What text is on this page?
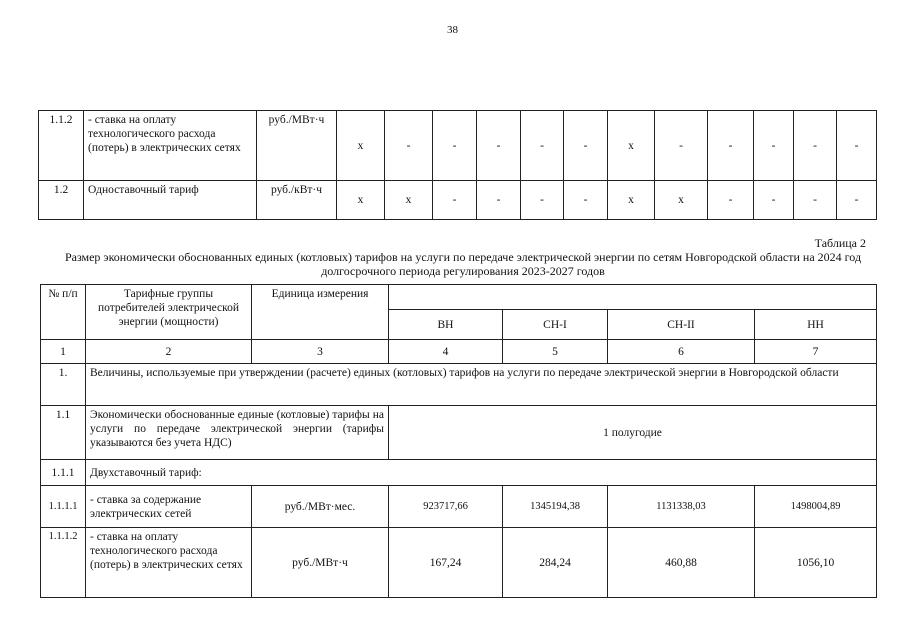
38
1.1.2	- ставка на оплату технологического расхода (потерь) в электрических сетях	руб./МВт·ч	x	-	-	-	-	-	x	-	-	-	-	-
1.2	Одноставочный тариф	руб./кВт·ч	x	x	-	-	-	-	x	x	-	-	-	-
Таблица 2
Размер экономически обоснованных единых (котловых) тарифов на услуги по передаче электрической энергии по сетям Новгородской области на 2024 год долгосрочного периода регулирования 2023-2027 годов
№ п/п	Тарифные группы потребителей электрической энергии (мощности)	Единица измерения				
			ВН	СН-I	СН-II	НН
1	2	3	4	5	6	7
1.	Величины, используемые при утверждении (расчете) единых (котловых) тарифов на услуги по передаче электрической энергии в Новгородской области					
1.1	Экономически обоснованные единые (котловые) тарифы на услуги по передаче электрической энергии (тарифы указываются без учета НДС)		1 полугодие			
1.1.1	Двухставочный тариф:					
1.1.1.1	- ставка за содержание электрических сетей	руб./МВт·мес.	923717,66	1345194,38	1131338,03	1498004,89
1.1.1.2	- ставка на оплату технологического расхода (потерь) в электрических сетях	руб./МВт·ч	167,24	284,24	460,88	1056,10
